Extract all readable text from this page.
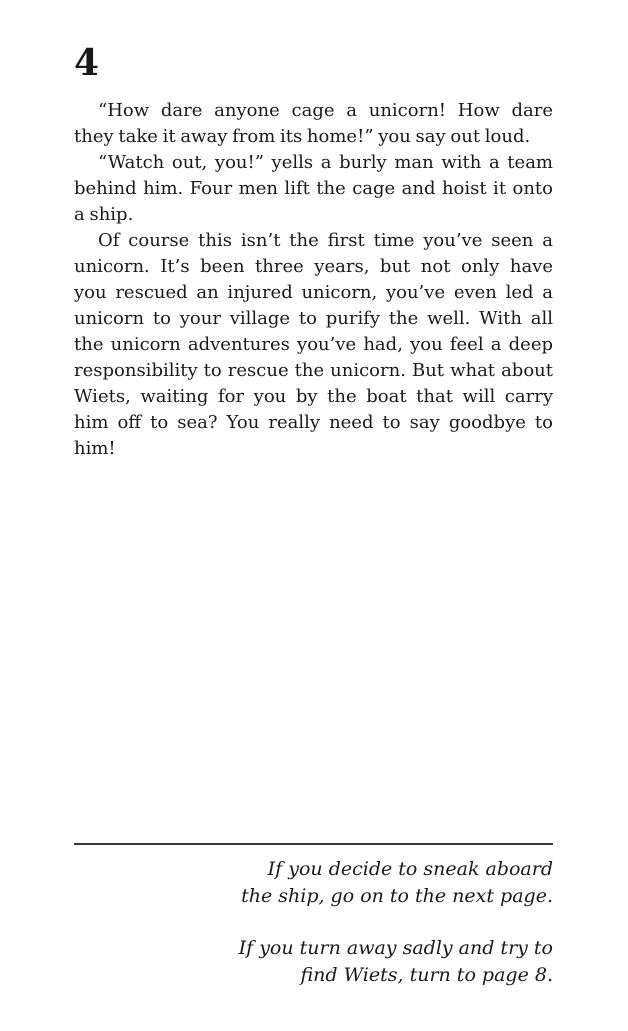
4
“How dare anyone cage a unicorn! How dare
they take it away from its home!” you say out loud.
“Watch out, you!” yells a burly man with a team
behind him. Four men lift the cage and hoist it onto
a ship.
Of course this isn’t the first time you’ve seen a
unicorn. It’s been three years, but not only have
you rescued an injured unicorn, you’ve even led a
unicorn to your village to purify the well. With all
the unicorn adventures you’ve had, you feel a deep
responsibility to rescue the unicorn. But what about
Wiets, waiting for you by the boat that will carry
him off to sea? You really need to say goodbye to
him!
If you decide to sneak aboard
the ship, go on to the next page.
If you turn away sadly and try to
find Wiets, turn to page 8.
